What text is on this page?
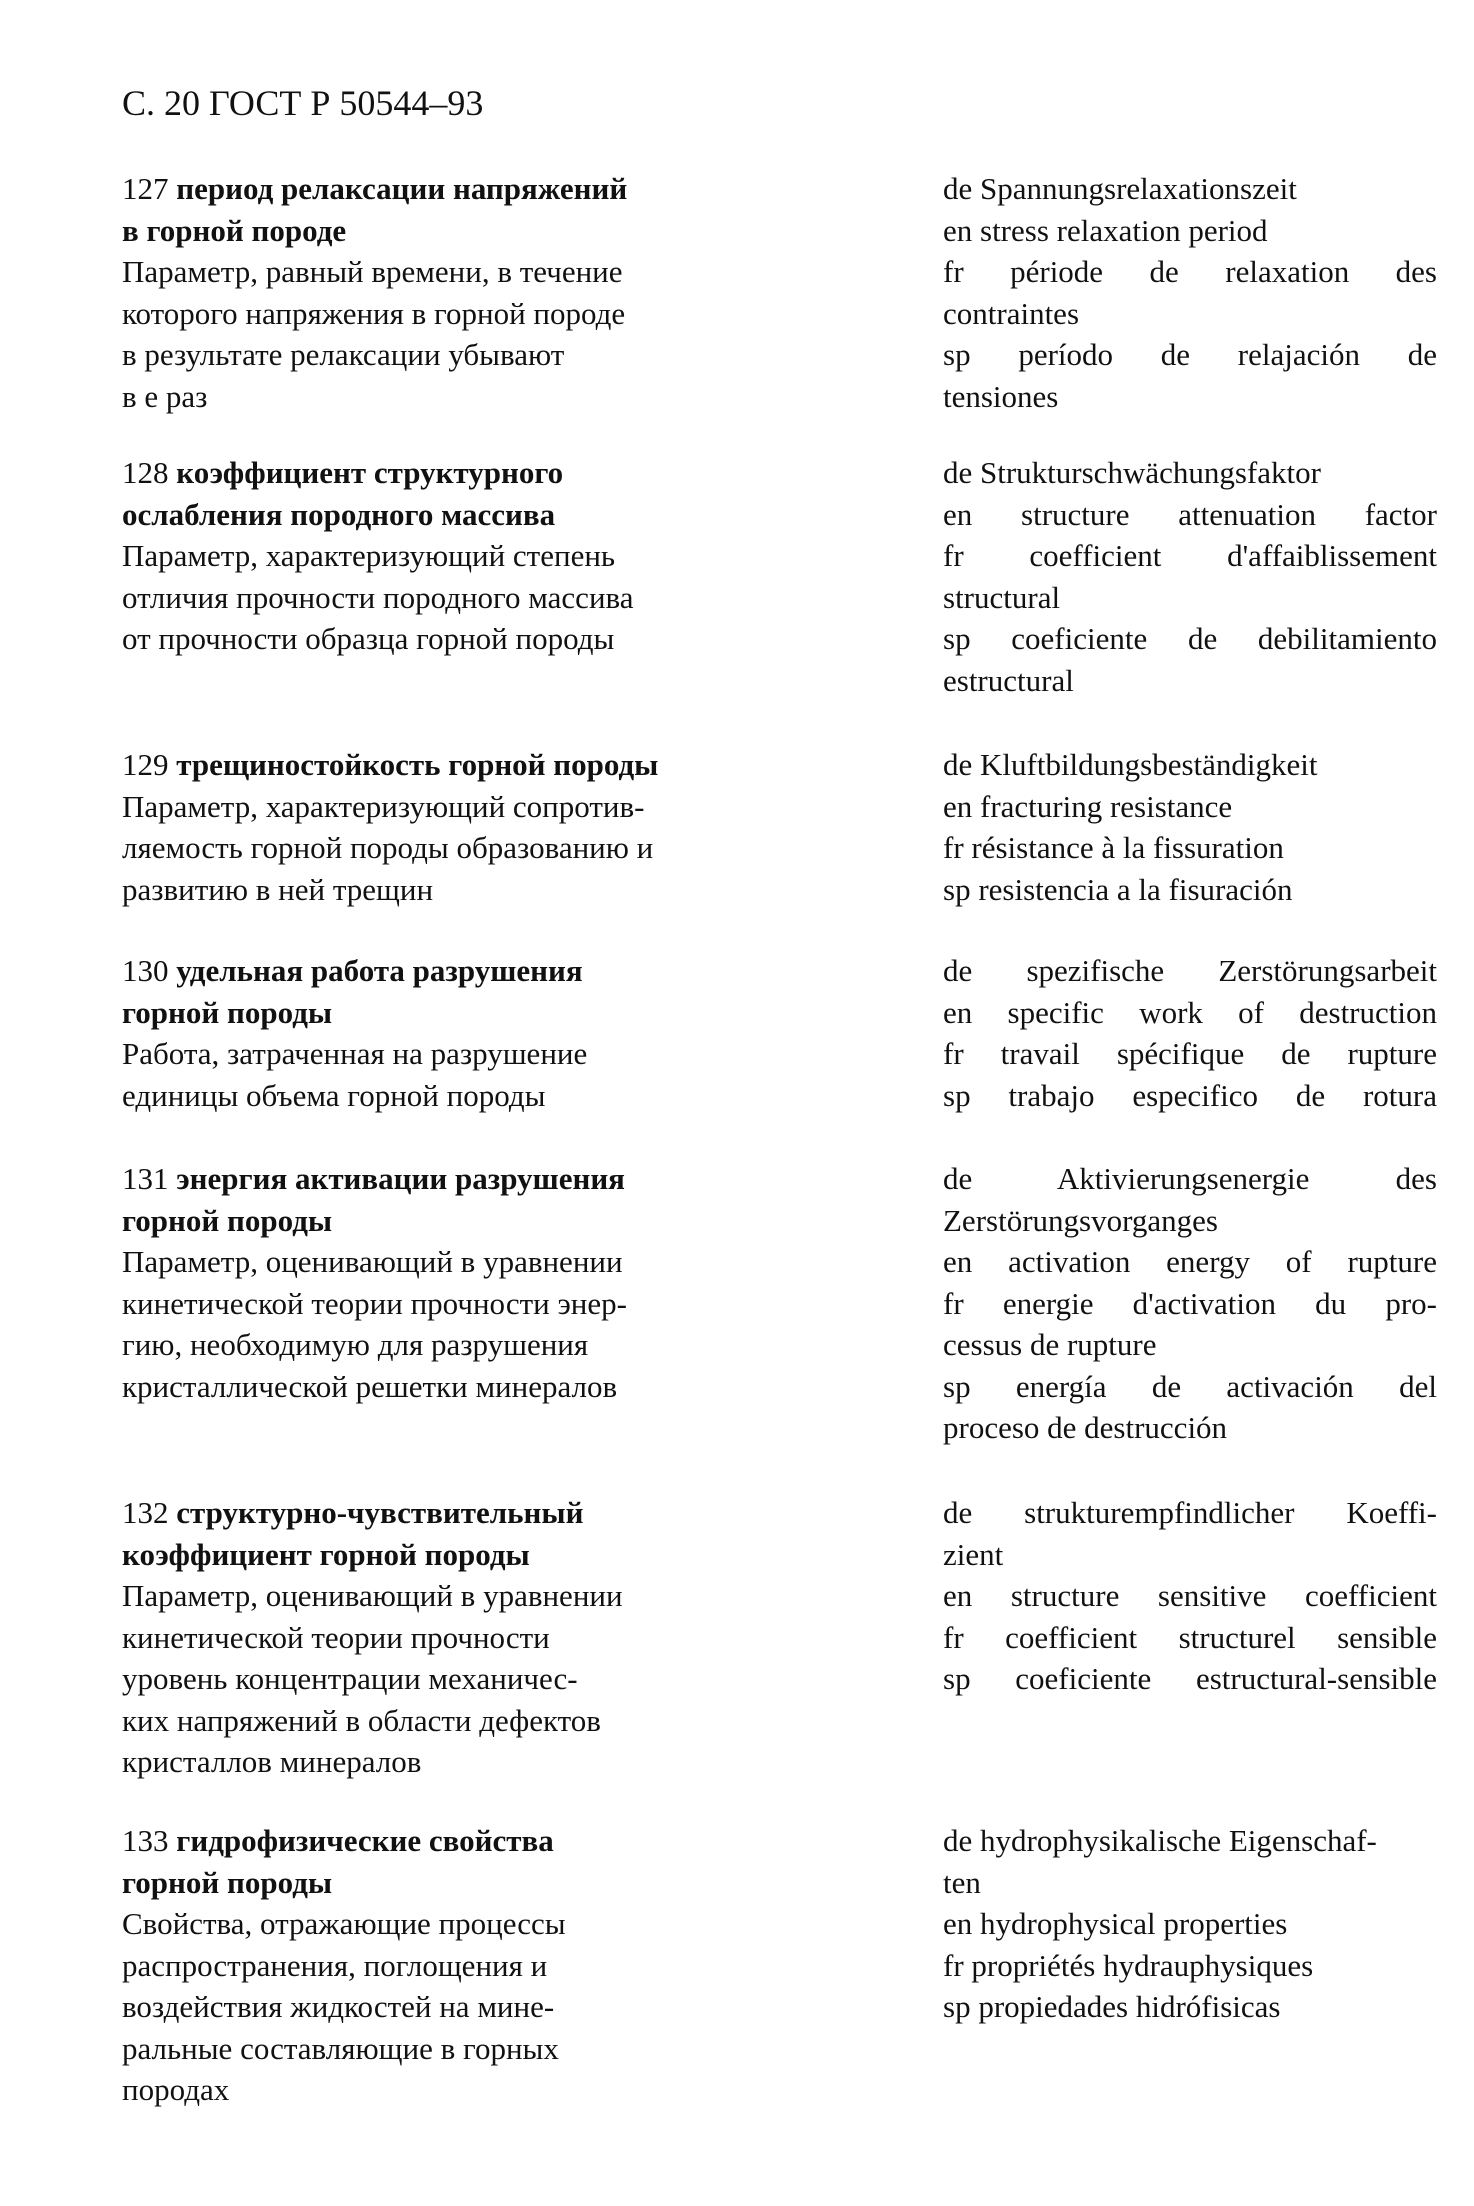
С. 20 ГОСТ Р 50544–93
127 период релаксации напряжений
в горной породе
Параметр, равный времени, в течение
которого напряжения в горной породе
в результате релаксации убывают
в e раз
de Spannungsrelaxationszeit
en stress relaxation period
fr période de relaxation des
contraintes
sp período de relajación de
tensiones
128 коэффициент структурного
ослабления породного массива
Параметр, характеризующий степень
отличия прочности породного массива
от прочности образца горной породы
de Strukturschwächungsfaktor
en structure attenuation factor
fr coefficient d'affaiblissement
structural
sp coeficiente de debilitamiento
estructural
129 трещиностойкость горной породы
Параметр, характеризующий сопротив-
ляемость горной породы образованию и
развитию в ней трещин
de Kluftbildungsbeständigkeit
en fracturing resistance
fr résistance à la fissuration
sp resistencia a la fisuración
130 удельная работа разрушения
горной породы
Работа, затраченная на разрушение
единицы объема горной породы
de spezifische Zerstörungsarbeit
en specific work of destruction
fr travail spécifique de rupture
sp trabajo especifico de rotura
131 энергия активации разрушения
горной породы
Параметр, оценивающий в уравнении
кинетической теории прочности энер-
гию, необходимую для разрушения
кристаллической решетки минералов
de Aktivierungsenergie des
Zerstörungsvorganges
en activation energy of rupture
fr energie d'activation du pro-
cessus de rupture
sp energía de activación del
proceso de destrucción
132 структурно-чувствительный
коэффициент горной породы
Параметр, оценивающий в уравнении
кинетической теории прочности
уровень концентрации механичес-
ких напряжений в области дефектов
кристаллов минералов
de strukturempfindlicher Koeffi-
zient
en structure sensitive coefficient
fr coefficient structurel sensible
sp coeficiente estructural-sensible
133 гидрофизические свойства
горной породы
Свойства, отражающие процессы
распространения, поглощения и
воздействия жидкостей на мине-
ральные составляющие в горных
породах
de hydrophysikalische Eigenschaf-
ten
en hydrophysical properties
fr propriétés hydrauphysiques
sp propiedades hidrófisicas
